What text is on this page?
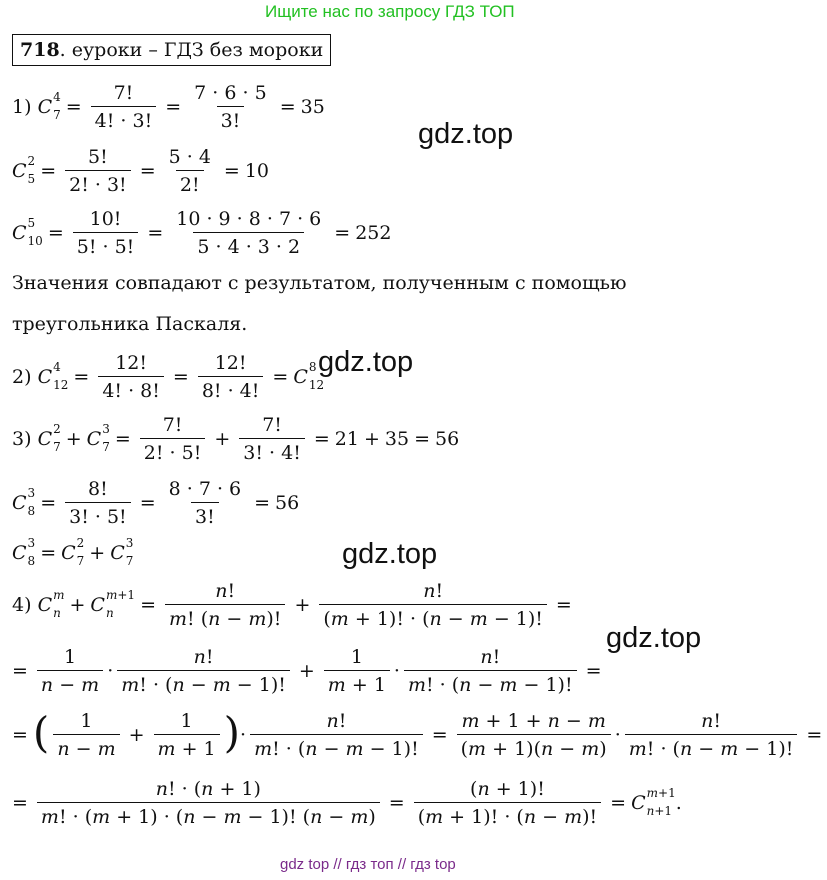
Ищите нас по запросу ГДЗ ТОП
718. еуроки – ГДЗ без мороки
gdz.top
gdz.top
gdz.top
gdz.top
1)
C 4
$7 = \frac{7!}{4! \cdot 3!} = \frac{7 \cdot 6 \cdot 5}{3!} = 35$
C 2
$5 = \frac{5!}{2! \cdot 3!} = \frac{5 \cdot 4}{2!} = 10$
C 5
$10 = \frac{10!}{5! \cdot 5!} = \frac{10 \cdot 9 \cdot 8 \cdot 7 \cdot 6}{5 \cdot 4 \cdot 3 \cdot 2} = 252$
Значения совпадают с результатом, полученным с помощью
треугольника Паскаля.
2)
C 4
$12 = \frac{12!}{4! \cdot 8!} = \frac{12!}{8! \cdot 4!} = C$ 8
12
3)
C 2
7 + C 3
$7 = \frac{7!}{2! \cdot 5!} + \frac{7!}{3! \cdot 4!} = 21 + 35 = 56$
C 3
$8 = \frac{8!}{3! \cdot 5!} = \frac{8 \cdot 7 \cdot 6}{3!} = 56$
C 3
8 = C 2
7 + C 3
7
4)
C m
n + C m+1
n	= $\frac{n!}{m! (n - m)!} + \frac{n!}{(m + 1)! \cdot (n - m - 1)!}$ =
= $\frac{1}{n - m} \cdot \frac{n!}{m! \cdot (n - m - 1)!} + \frac{1}{m + 1} \cdot \frac{n!}{m! \cdot (n - m - 1)!}$ =
= ( $\frac{1}{n - m} + \frac{1}{m + 1}$ ) · $\frac{n!}{m! \cdot (n - m - 1)!} = \frac{m + 1 + n - m}{(m + 1)(n - m)} \cdot \frac{n!}{m! \cdot (n - m - 1)!}$ =
= $\frac{n! \cdot (n + 1)}{m! \cdot (m + 1) \cdot (n - m - 1)! (n - m)} = \frac{(n + 1)!}{(m + 1)! \cdot (n - m)!} = C$ m+1
n+1 .
gdz top // гдз топ // гдз top
